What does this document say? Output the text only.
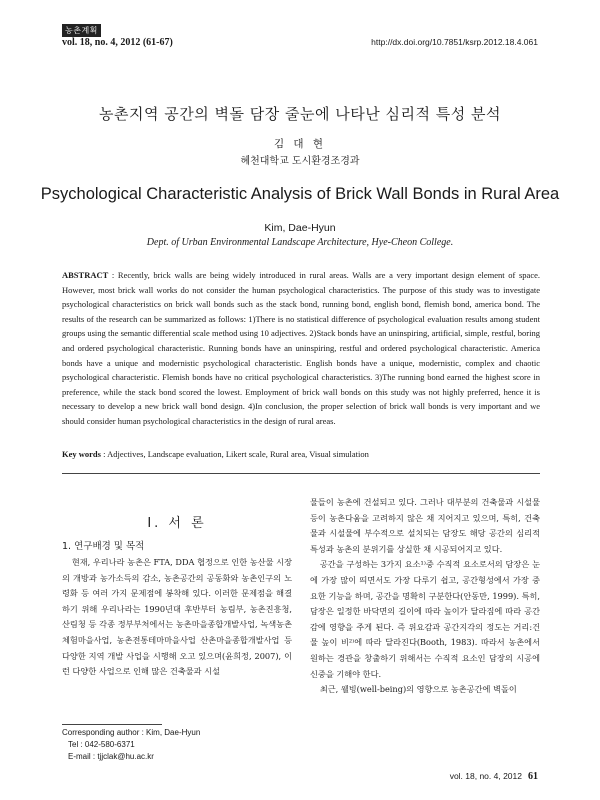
농촌계획
vol. 18, no. 4, 2012 (61-67)	http://dx.doi.org/10.7851/ksrp.2012.18.4.061
농촌지역 공간의 벽돌 담장 줄눈에 나타난 심리적 특성 분석
김 대 현
혜천대학교 도시환경조경과
Psychological Characteristic Analysis of Brick Wall Bonds in Rural Area
Kim, Dae-Hyun
Dept. of Urban Environmental Landscape Architecture, Hye-Cheon College.
ABSTRACT : Recently, brick walls are being widely introduced in rural areas. Walls are a very important design element of space. However, most brick wall works do not consider the human psychological characteristics. The purpose of this study was to investigate psychological characteristics on brick wall bonds such as the stack bond, running bond, english bond, flemish bond, america bond. The results of the research can be summarized as follows: 1)There is no statistical difference of psychological evaluation results among student groups using the semantic differential scale method using 10 adjectives. 2)Stack bonds have an uninspiring, artificial, simple, restful, boring and ordered psychological characteristic. Running bonds have an uninspiring, restful and ordered psychological characteristic. America bonds have a unique and modernistic psychological characteristic. English bonds have a unique, modernistic, complex and chaotic psychological characteristic. Flemish bonds have no critical psychological characteristics. 3)The running bond earned the highest score in preference, while the stack bond scored the lowest. Employment of brick wall bonds on this study was not highly preferred, hence it is necessary to develop a new brick wall bond design. 4)In conclusion, the proper selection of brick wall bonds is very important and we should consider human psychological characteristics in the design of rural areas.
Key words : Adjectives, Landscape evaluation, Likert scale, Rural area, Visual simulation
I. 서 론
1. 연구배경 및 목적

현재, 우리나라 농촌은 FTA, DDA 협정으로 인한 농산물 시장의 개방과 농가소득의 감소, 농촌공간의 공동화와 농촌인구의 노령화 등 여러 가지 문제점에 봉착해 있다. 이러한 문제점을 해결하기 위해 우리나라는 1990년대 후반부터 농림부, 농촌진흥청, 산림청 등 각종 정부부처에서는 농촌마을종합개발사업, 녹색농촌체험마을사업, 농촌전통테마마을사업 산촌마을종합개발사업 등 다양한 지역 개발 사업을 시행해 오고 있으며(윤희정, 2007), 이런 다양한 사업으로 인해 많은 건축물과 시설

물들이 농촌에 건설되고 있다. 그러나 대부분의 건축물과 시설물 등이 농촌다움을 고려하지 않은 채 지어지고 있으며, 특히, 건축물과 시설물에 부수적으로 설치되는 담장도 해당 공간의 심리적 특성과 농촌의 분위기를 상실한 채 시공되어지고 있다.

공간을 구성하는 3가지 요소¹⁾중 수직적 요소로서의 담장은 눈에 가장 많이 띄면서도 가장 다루기 쉽고, 공간형성에서 가장 중요한 기능을 하며, 공간을 명확히 구분한다(안동만, 1999). 특히, 담장은 일정한 바닥면의 길이에 따라 높이가 달라짐에 따라 공간감에 영향을 주게 된다. 즉 위요감과 공간지각의 정도는 거리:건물 높이 비²⁾에 따라 달라진다(Booth, 1983). 따라서 농촌에서 원하는 경관을 창출하기 위해서는 수직적 요소인 담장의 시공에 신중을 기해야 한다.

최근, 웰빙(well-being)의 영향으로 농촌공간에 벽돌이

Corresponding author : Kim, Dae-Hyun
Tel : 042-580-6371
E-mail : tjjclak@hu.ac.kr
vol. 18, no. 4, 2012 61
